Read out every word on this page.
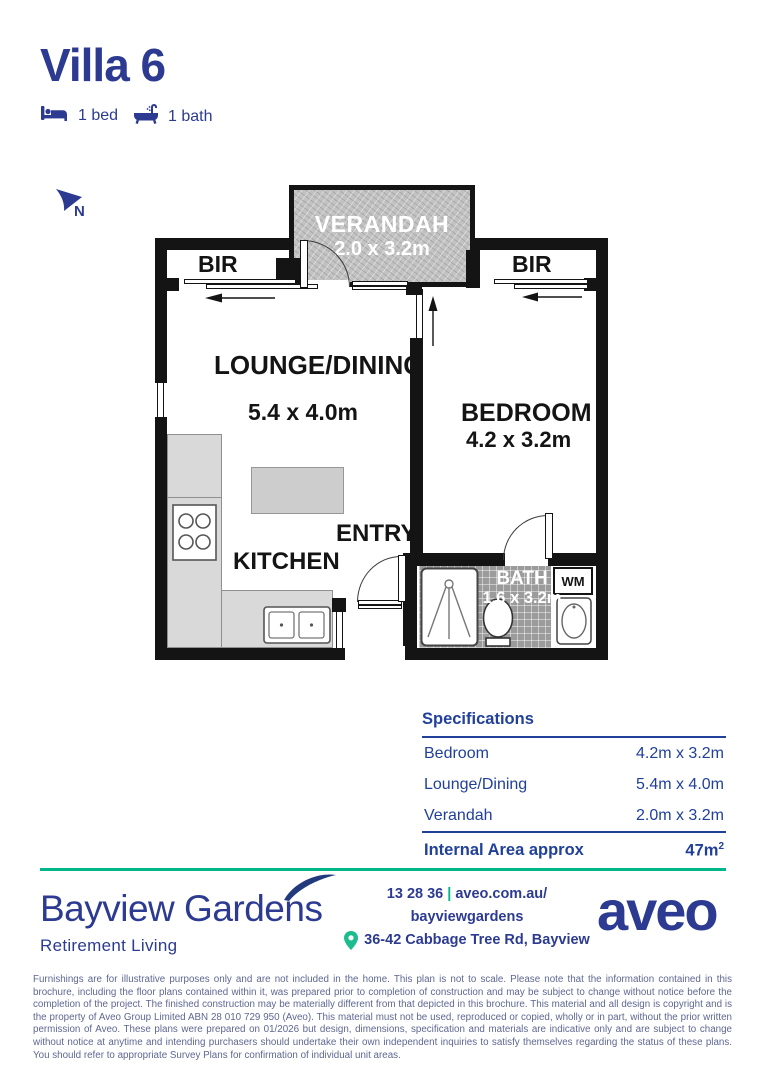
Villa 6
1 bed	1 bath
N	VERANDAH
2.0 x 3.2m
BIR	BIR
WM
BATH
1.6 x 3.2m
LOUNGE/DINING
5.4 x 4.0m	BEDROOM
4.2 x 3.2m
ENTRY
KITCHEN
Specifications
Bedroom	4.2m x 3.2m
Lounge/Dining	5.4m x 4.0m
Verandah	2.0m x 3.2m
Internal Area approx	$47m^2$
Bayview Gardens
Retirement Living
13 28 36 | aveo.com.au/
bayviewgardens
36-42 Cabbage Tree Rd, Bayview aveo
Furnishings are for illustrative purposes only and are not included in the home. This plan is not to scale. Please note that the information contained in this brochure, including the floor plans contained within it, was prepared prior to completion of construction and may be subject to change without notice before the completion of the project. The finished construction may be materially different from that depicted in this brochure. This material and all design is copyright and is the property of Aveo Group Limited ABN 28 010 729 950 (Aveo). This material must not be used, reproduced or copied, wholly or in part, without the prior written permission of Aveo. These plans were prepared on 01/2026 but design, dimensions, specification and materials are indicative only and are subject to change without notice at anytime and intending purchasers should undertake their own independent inquiries to satisfy themselves regarding the status of these plans. You should refer to appropriate Survey Plans for confirmation of individual unit areas.
